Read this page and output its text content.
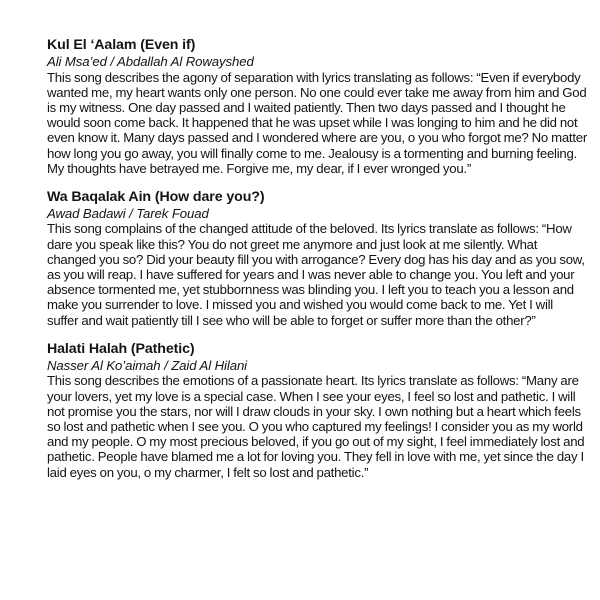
Kul El ‘Aalam (Even if)

Ali Msa’ed / Abdallah Al Rowayshed

This song describes the agony of separation with lyrics translating as follows: “Even if everybody wanted me, my heart wants only one person. No one could ever take me away from him and God is my witness. One day passed and I waited patiently. Then two days passed and I thought he would soon come back. It happened that he was upset while I was longing to him and he did not even know it. Many days passed and I wondered where are you, o you who forgot me? No matter how long you go away, you will finally come to me. Jealousy is a tormenting and burning feeling. My thoughts have betrayed me. Forgive me, my dear, if I ever wronged you.”

Wa Baqalak Ain (How dare you?)

Awad Badawi / Tarek Fouad

This song complains of the changed attitude of the beloved. Its lyrics translate as follows: “How dare you speak like this? You do not greet me anymore and just look at me silently. What changed you so? Did your beauty fill you with arrogance? Every dog has his day and as you sow, as you will reap. I have suffered for years and I was never able to change you. You left and your absence tormented me, yet stubbornness was blinding you. I left you to teach you a lesson and make you surrender to love. I missed you and wished you would come back to me. Yet I will suffer and wait patiently till I see who will be able to forget or suffer more than the other?”

Halati Halah (Pathetic)

Nasser Al Ko’aimah / Zaid Al Hilani

This song describes the emotions of a passionate heart. Its lyrics translate as follows: “Many are your lovers, yet my love is a special case. When I see your eyes, I feel so lost and pathetic. I will not promise you the stars, nor will I draw clouds in your sky. I own nothing but a heart which feels so lost and pathetic when I see you. O you who captured my feelings! I consider you as my world and my people. O my most precious beloved, if you go out of my sight, I feel immediately lost and pathetic. People have blamed me a lot for loving you. They fell in love with me, yet since the day I laid eyes on you, o my charmer, I felt so lost and pathetic.”
